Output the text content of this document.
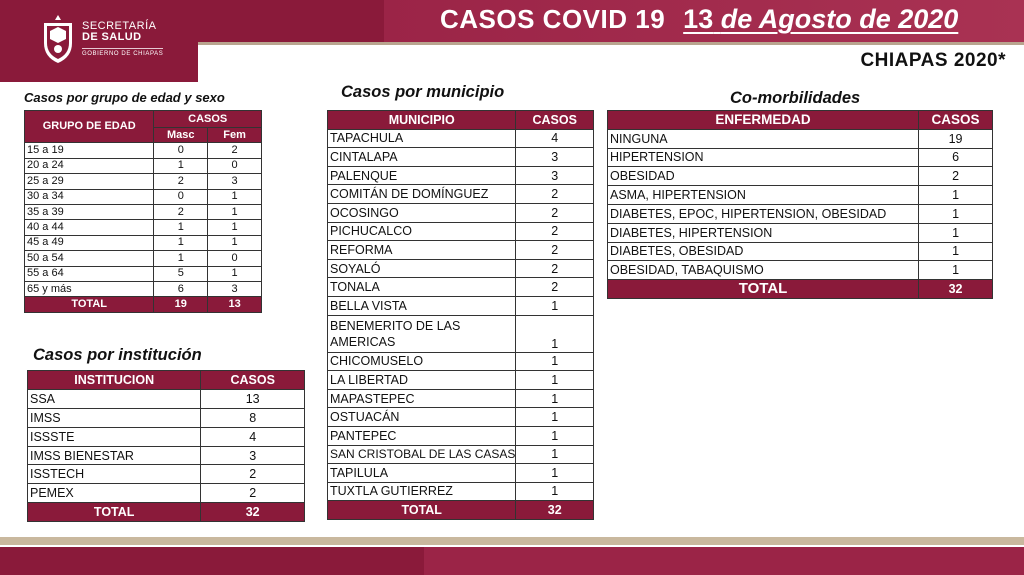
SECRETARÍA
DE SALUD
GOBIERNO DE CHIAPAS
CASOS COVID 19 13 de Agosto de 2020
CHIAPAS 2020*
Casos por grupo de edad y sexo
Casos por institución
Casos por municipio	Co-morbilidades
GRUPO DE EDAD	CASOS	
	Masc	Fem
15 a 19	0	2
20 a 24	1	0
25 a 29	2	3
30 a 34	0	1
35 a 39	2	1
40 a 44	1	1
45 a 49	1	1
50 a 54	1	0
55 a 64	5	1
65 y más	6	3
TOTAL	19	13
INSTITUCION	CASOS
SSA	13
IMSS	8
ISSSTE	4
IMSS BIENESTAR	3
ISSTECH	2
PEMEX	2
TOTAL	32
MUNICIPIO	CASOS
TAPACHULA	4
CINTALAPA	3
PALENQUE	3
COMITÁN DE DOMÍNGUEZ	2
OCOSINGO	2
PICHUCALCO	2
REFORMA	2
SOYALÓ	2
TONALA	2
BELLA VISTA	1
BENEMERITO DE LAS AMERICAS	1
CHICOMUSELO	1
LA LIBERTAD	1
MAPASTEPEC	1
OSTUACÁN	1
PANTEPEC	1
SAN CRISTOBAL DE LAS CASAS	1
TAPILULA	1
TUXTLA GUTIERREZ	1
TOTAL	32
ENFERMEDAD	CASOS
NINGUNA	19
HIPERTENSION	6
OBESIDAD	2
ASMA, HIPERTENSION	1
DIABETES, EPOC, HIPERTENSION, OBESIDAD	1
DIABETES, HIPERTENSION	1
DIABETES, OBESIDAD	1
OBESIDAD, TABAQUISMO	1
TOTAL	32
